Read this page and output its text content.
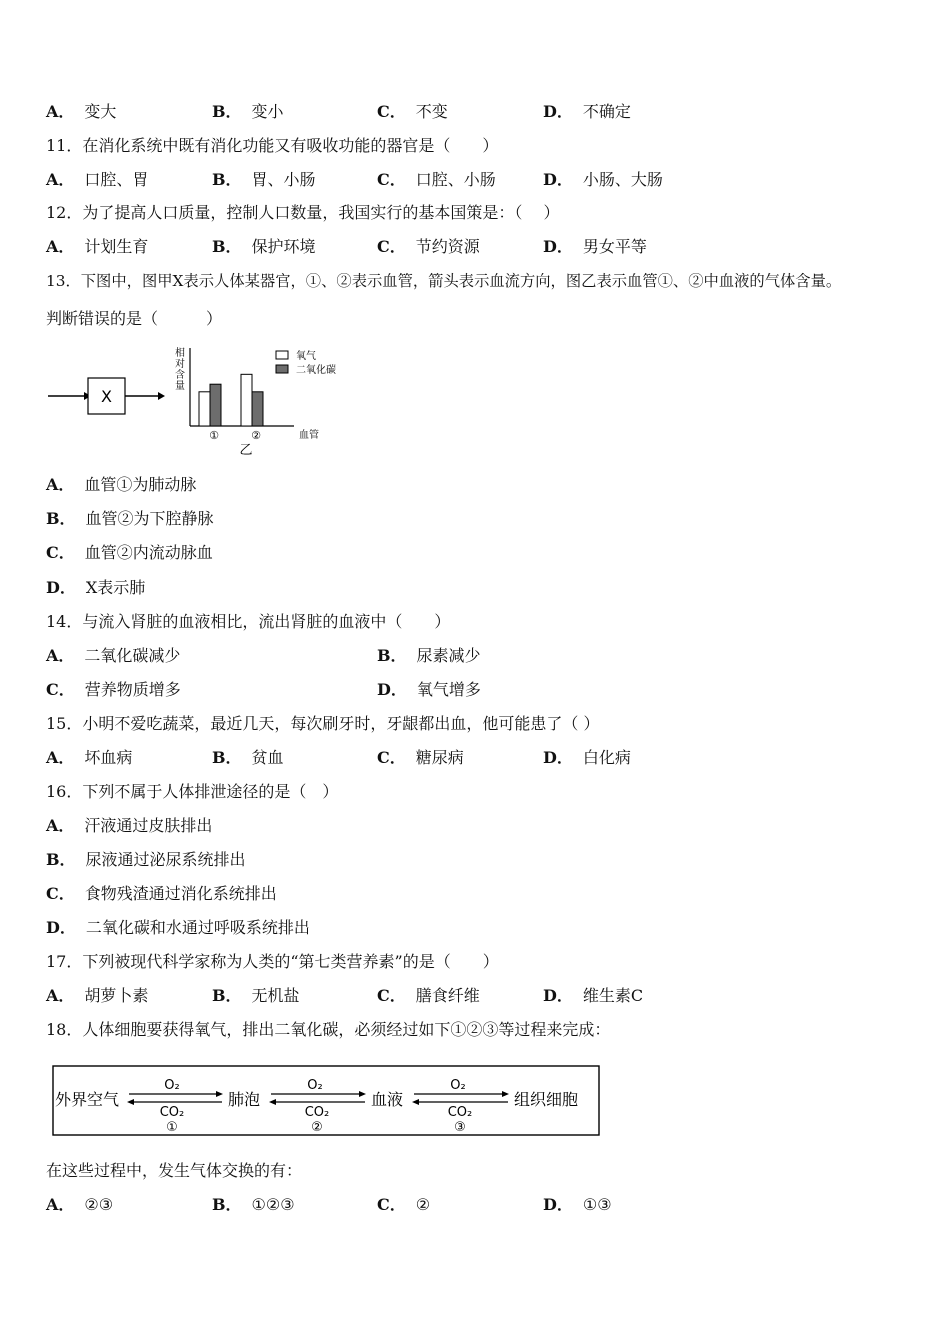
A． 变大	B． 变小	C． 不变	D． 不确定
11．在消化系统中既有消化功能又有吸收功能的器官是（　　）
A． 口腔、胃	B． 胃、小肠	C． 口腔、小肠	D． 小肠、大肠
12．为了提高人口质量，控制人口数量，我国实行的基本国策是：（　 ）
A． 计划生育	B． 保护环境	C． 节约资源	D． 男女平等
13．下图中，图甲X表示人体某器官，①、②表示血管，箭头表示血流方向，图乙表示血管①、②中血液的气体含量。
判断错误的是（　　　）
X
相
对
含
量
①	②	血管
乙
氧气
二氧化碳
A． 血管①为肺动脉
B． 血管②为下腔静脉
C． 血管②内流动脉血
D． X表示肺
14．与流入肾脏的血液相比，流出肾脏的血液中（　　）
A． 二氧化碳减少	B． 尿素减少
C． 营养物质增多	D． 氧气增多
15．小明不爱吃蔬菜，最近几天，每次刷牙时，牙龈都出血，他可能患了（ ）
A． 坏血病	B． 贫血	C． 糖尿病	D． 白化病
16．下列不属于人体排泄途径的是（　）
A． 汗液通过皮肤排出
B． 尿液通过泌尿系统排出
C． 食物残渣通过消化系统排出
D． 二氧化碳和水通过呼吸系统排出
17．下列被现代科学家称为人类的“第七类营养素”的是（　　）
A． 胡萝卜素	B． 无机盐	C． 膳食纤维	D． 维生素C
18．人体细胞要获得氧气，排出二氧化碳，必须经过如下①②③等过程来完成：
外界空气	肺泡	血液	组织细胞
O₂
CO₂
①
O₂
CO₂
②
O₂
CO₂
③
在这些过程中，发生气体交换的有：
A． ②③	B． ①②③	C． ②	D． ①③
